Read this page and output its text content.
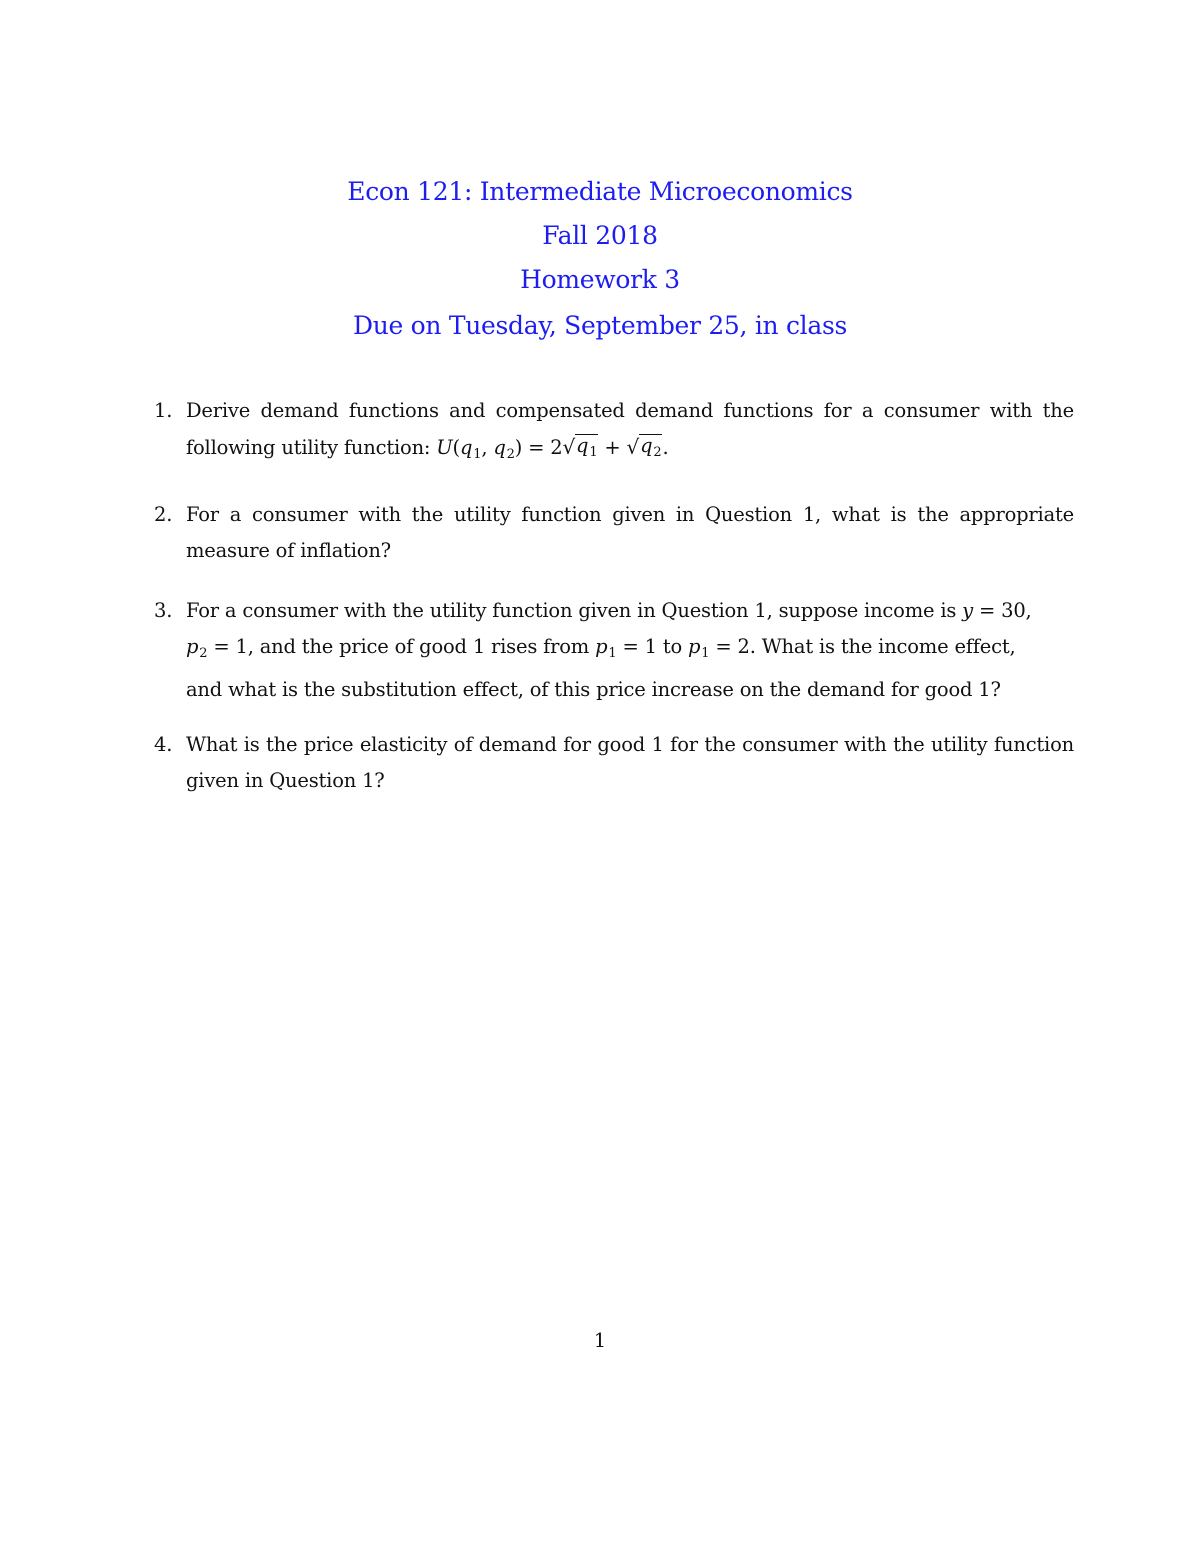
Econ 121: Intermediate Microeconomics
Fall 2018
Homework 3
Due on Tuesday, September 25, in class
1. Derive demand functions and compensated demand functions for a consumer with the
following utility function: $U(q_1$, $q_2) = 2$ √ $q_1$ + √ $q_2$ .
2. For a consumer with the utility function given in Question 1, what is the appropriate
measure of inflation?
3. For a consumer with the utility function given in Question 1, suppose income is y = 30,
$p_2 = 1$, and the price of good 1 rises from $p_1 = 1$ to $p_1 = 2$. What is the income effect,
and what is the substitution effect, of this price increase on the demand for good 1?
4. What is the price elasticity of demand for good 1 for the consumer with the utility function
given in Question 1?
1
